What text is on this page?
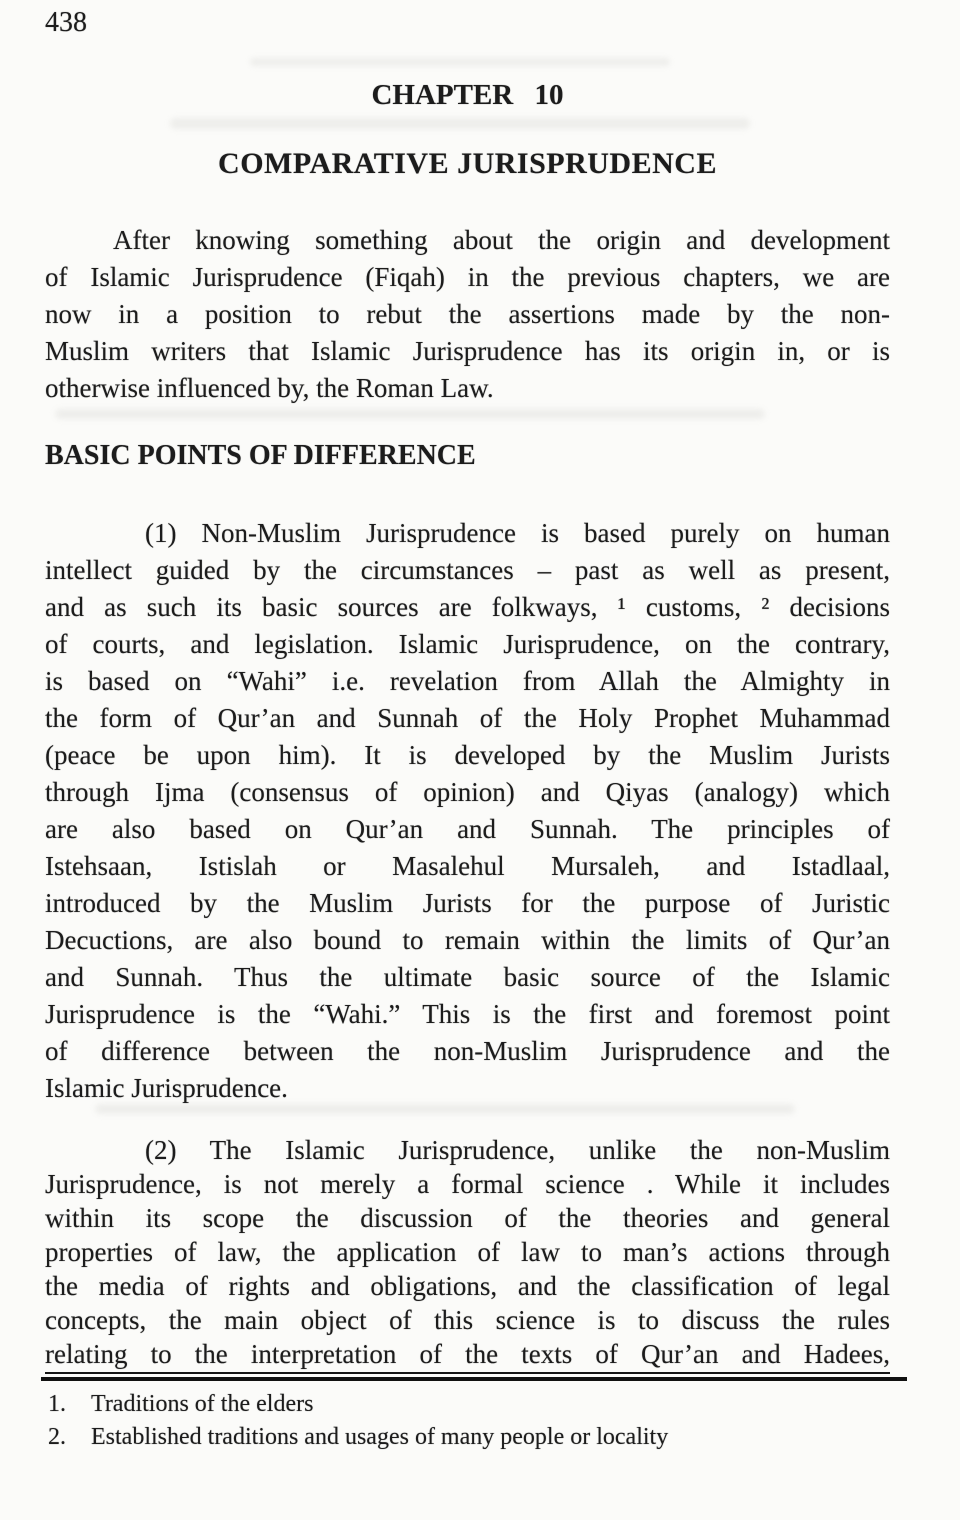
438
CHAPTER 10
COMPARATIVE JURISPRUDENCE
After knowing something about the origin and development
of Islamic Jurisprudence (Fiqah) in the previous chapters, we are
now in a position to rebut the assertions made by the non-
Muslim writers that Islamic Jurisprudence has its origin in, or is
otherwise influenced by, the Roman Law.
BASIC POINTS OF DIFFERENCE
(1) Non-Muslim Jurisprudence is based purely on human
intellect guided by the circumstances – past as well as present,
and as such its basic sources are folkways, ¹ customs, ² decisions
of courts, and legislation. Islamic Jurisprudence, on the contrary,
is based on “Wahi” i.e. revelation from Allah the Almighty in
the form of Qur’an and Sunnah of the Holy Prophet Muhammad
(peace be upon him). It is developed by the Muslim Jurists
through Ijma (consensus of opinion) and Qiyas (analogy) which
are also based on Qur’an and Sunnah. The principles of
Istehsaan, Istislah or Masalehul Mursaleh, and Istadlaal,
introduced by the Muslim Jurists for the purpose of Juristic
Decuctions, are also bound to remain within the limits of Qur’an
and Sunnah. Thus the ultimate basic source of the Islamic
Jurisprudence is the “Wahi.” This is the first and foremost point
of difference between the non-Muslim Jurisprudence and the
Islamic Jurisprudence.
(2) The Islamic Jurisprudence, unlike the non-Muslim
Jurisprudence, is not merely a formal science . While it includes
within its scope the discussion of the theories and general
properties of law, the application of law to man’s actions through
the media of rights and obligations, and the classification of legal
concepts, the main object of this science is to discuss the rules
relating to the interpretation of the texts of Qur’an and Hadees,
1.	Traditions of the elders
2.	Established traditions and usages of many people or locality
